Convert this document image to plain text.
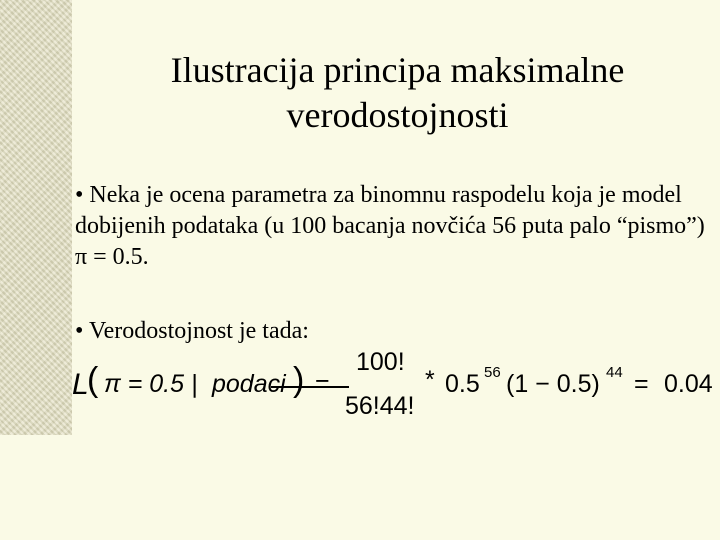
Ilustracija principa maksimalne
verodostojnosti
• Neka je ocena parametra za binomnu raspodelu koja je model dobijenih podataka (u 100 bacanja novčića 56 puta palo “pismo”) π = 0.5.
• Verodostojnost je tada:
L
( π = 0.5 | podaci ) =
100!
56!44!
* 0.5 56 (1 − 0.5) 44 = 0.04
